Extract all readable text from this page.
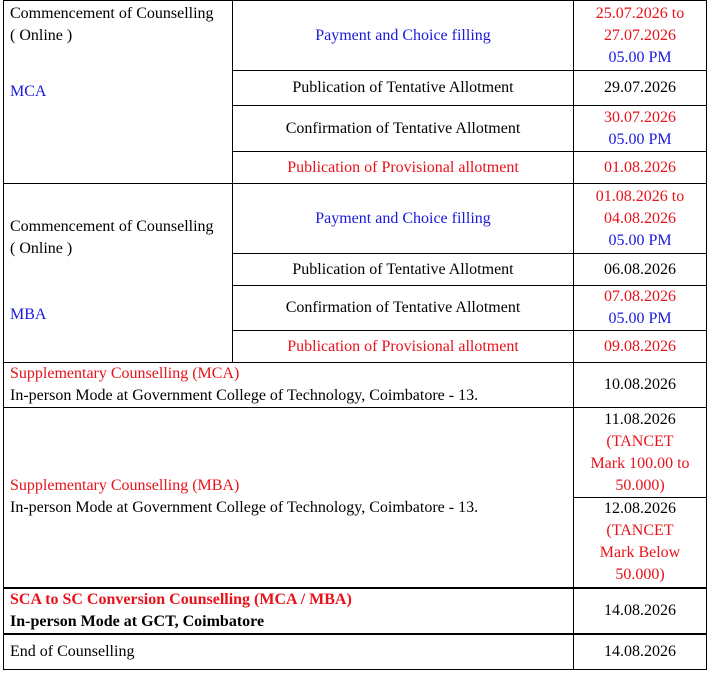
Commencement of Counselling
( Online )
MCA	Payment and Choice filling	25.07.2026 to
27.07.2026
05.00 PM

	Publication of Tentative Allotment	29.07.2026
	Confirmation of Tentative Allotment	30.07.2026
05.00 PM

	Publication of Provisional allotment	01.08.2026

Commencement of Counselling
( Online )
MBA	Payment and Choice filling	01.08.2026 to
04.08.2026
05.00 PM

	Publication of Tentative Allotment	06.08.2026
	Confirmation of Tentative Allotment	07.08.2026
05.00 PM

	Publication of Provisional allotment	09.08.2026

Supplementary Counselling (MCA)
In-person Mode at Government College of Technology, Coimbatore - 13.		10.08.2026

Supplementary Counselling (MBA)
In-person Mode at Government College of Technology, Coimbatore - 13.		11.08.2026
(TANCET
Mark 100.00 to
50.000)

		12.08.2026
(TANCET
Mark Below
50.000)

SCA to SC Conversion Counselling (MCA / MBA)
In-person Mode at GCT, Coimbatore		14.08.2026
End of Counselling		14.08.2026
